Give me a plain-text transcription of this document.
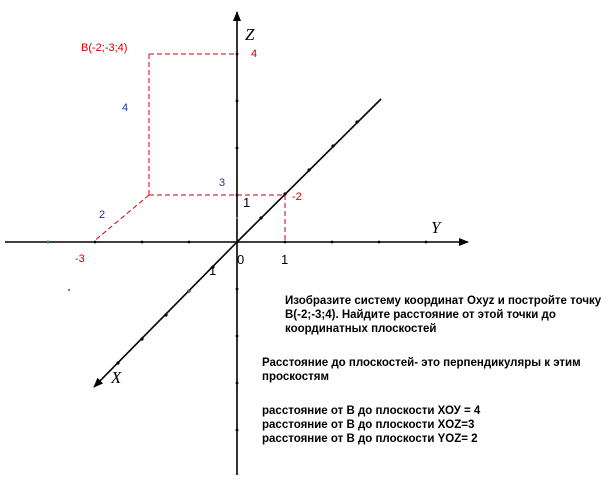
Z
Y
X
0	1
1
1
B(-2;-3;4)	4
-2
-3
4
3
2
Изобразите систему координат Oxyz и постройте точку
B(-2;-3;4). Найдите расстояние от этой точки до
координатных плоскостей
Расстояние до плоскостей- это перпендикуляры к этим
проскостям
расстояние от В до плоскости ХОУ = 4
расстояние от В до плоскости XOZ=3
расстояние от В до плоскости YOZ= 2
